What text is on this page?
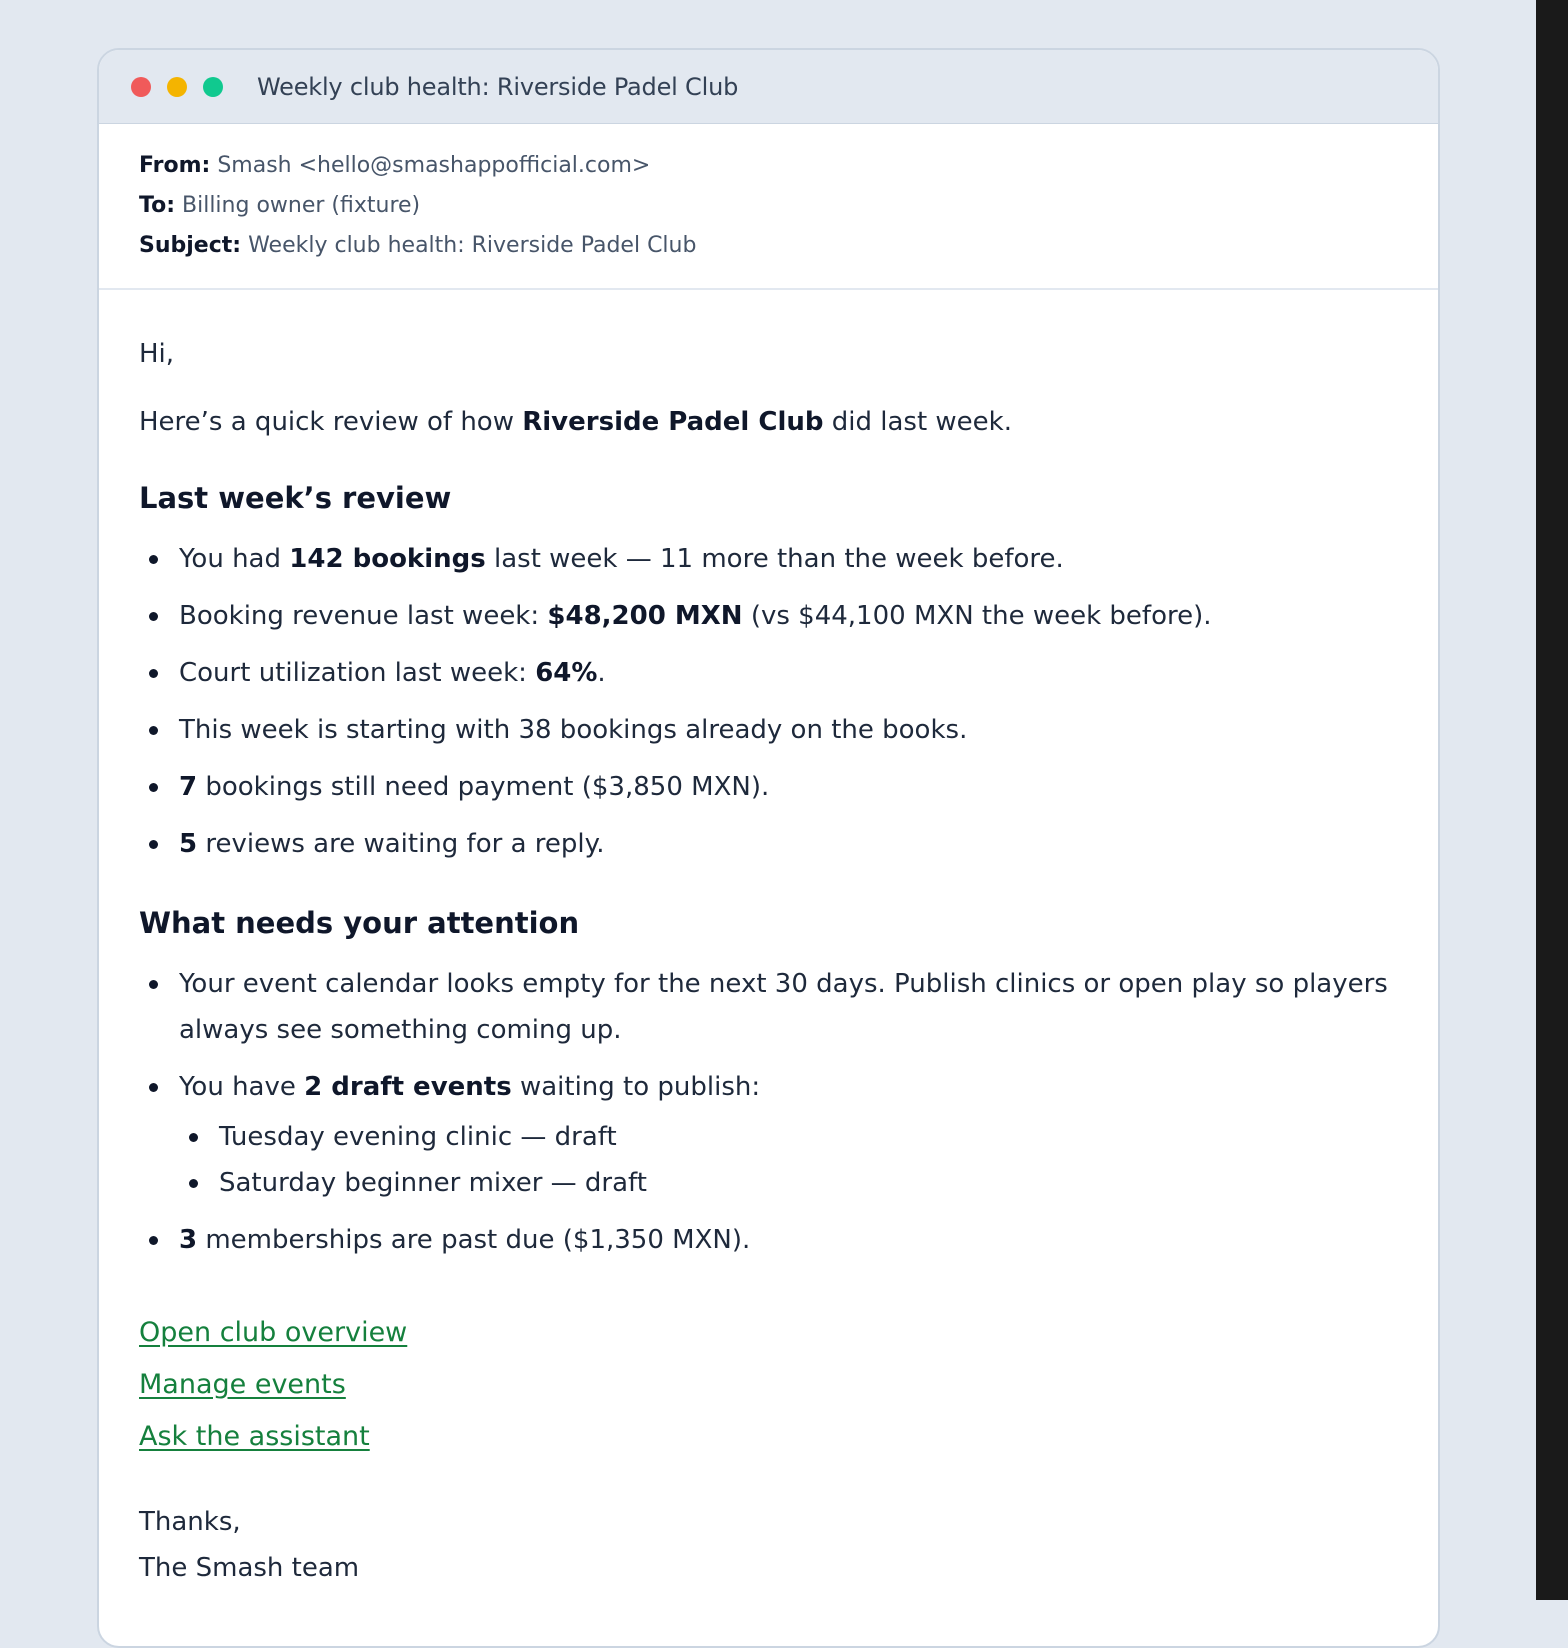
Weekly club health: Riverside Padel Club
From: Smash <hello@smashappofficial.com>
To: Billing owner (fixture)
Subject: Weekly club health: Riverside Padel Club

Hi,

Here’s a quick review of how Riverside Padel Club did last week.

Last week’s review
You had 142 bookings last week — 11 more than the week before.
Booking revenue last week: $48,200 MXN (vs $44,100 MXN the week before).
Court utilization last week: 64%.
This week is starting with 38 bookings already on the books.
7 bookings still need payment ($3,850 MXN).
5 reviews are waiting for a reply.
What needs your attention
Your event calendar looks empty for the next 30 days. Publish clinics or open play so players always see something coming up.
You have 2 draft events waiting to publish:
Tuesday evening clinic — draft
Saturday beginner mixer — draft
3 memberships are past due ($1,350 MXN).
Open club overview
Manage events
Ask the assistant
Thanks,
The Smash team
